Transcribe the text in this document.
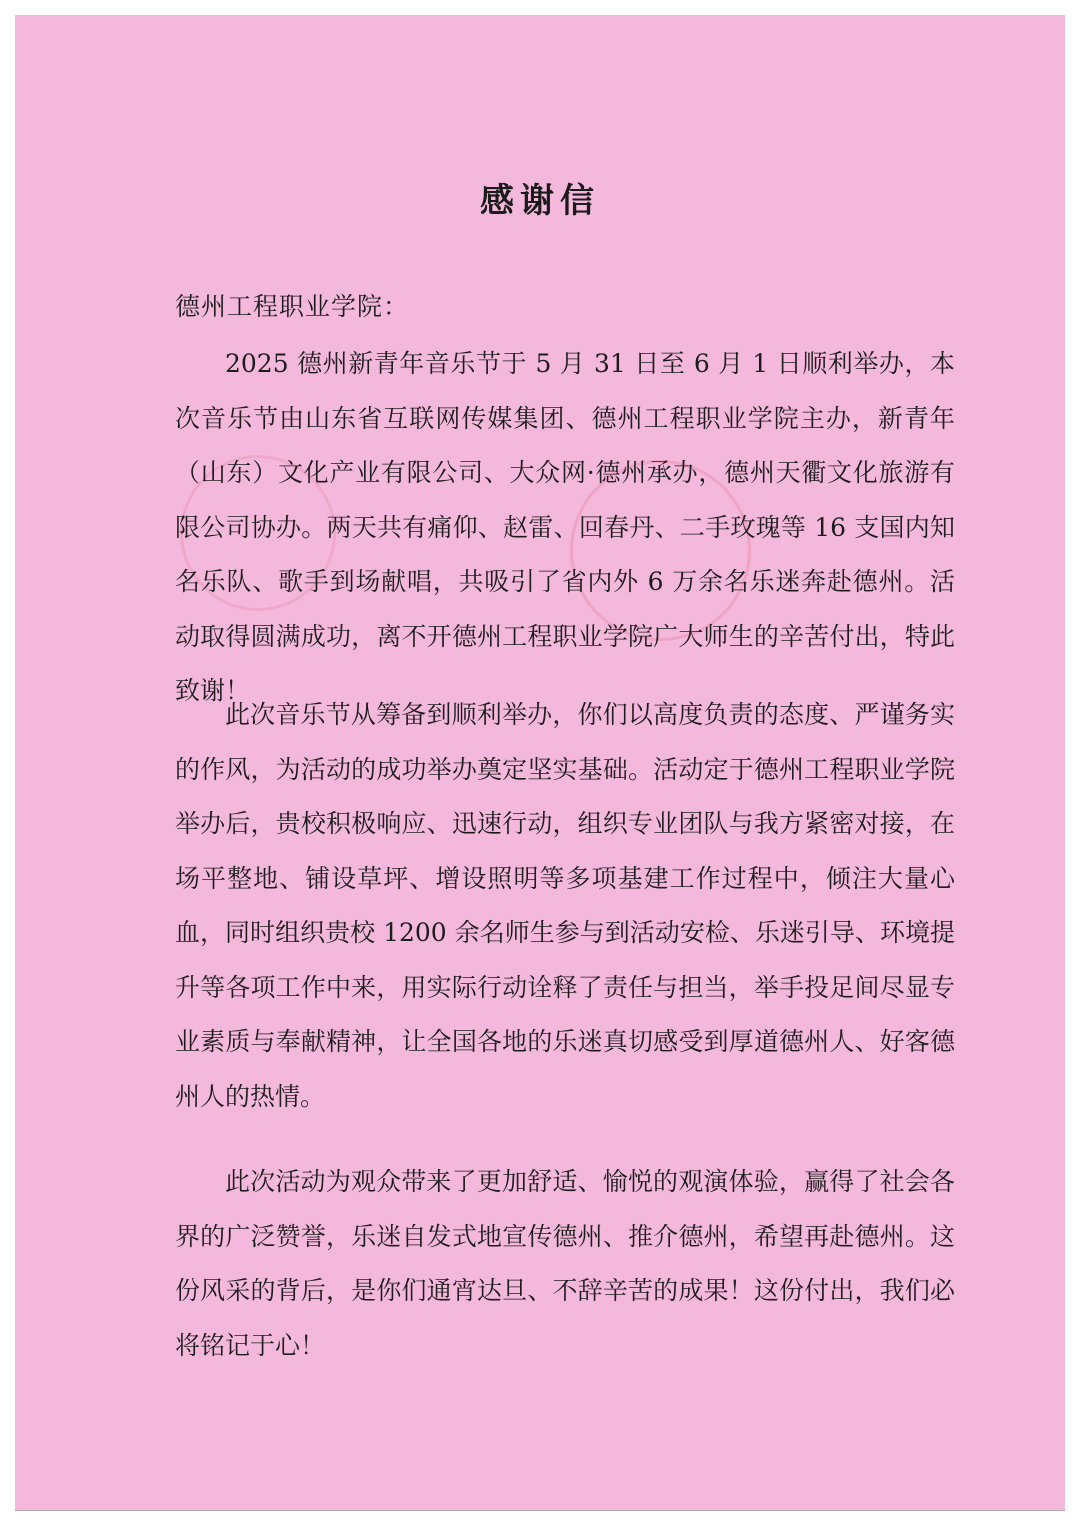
感谢信
德州工程职业学院：

2025 德州新青年音乐节于 5 月 31 日至 6 月 1 日顺利举办，本次音乐节由山东省互联网传媒集团、德州工程职业学院主办，新青年（山东）文化产业有限公司、大众网·德州承办，德州天衢文化旅游有限公司协办。两天共有痛仰、赵雷、回春丹、二手玫瑰等 16 支国内知名乐队、歌手到场献唱，共吸引了省内外 6 万余名乐迷奔赴德州。活动取得圆满成功，离不开德州工程职业学院广大师生的辛苦付出，特此致谢！

此次音乐节从筹备到顺利举办，你们以高度负责的态度、严谨务实的作风，为活动的成功举办奠定坚实基础。活动定于德州工程职业学院举办后，贵校积极响应、迅速行动，组织专业团队与我方紧密对接，在场平整地、铺设草坪、增设照明等多项基建工作过程中，倾注大量心血，同时组织贵校 1200 余名师生参与到活动安检、乐迷引导、环境提升等各项工作中来，用实际行动诠释了责任与担当，举手投足间尽显专业素质与奉献精神，让全国各地的乐迷真切感受到厚道德州人、好客德州人的热情。

此次活动为观众带来了更加舒适、愉悦的观演体验，赢得了社会各界的广泛赞誉，乐迷自发式地宣传德州、推介德州，希望再赴德州。这份风采的背后，是你们通宵达旦、不辞辛苦的成果！这份付出，我们必将铭记于心！
